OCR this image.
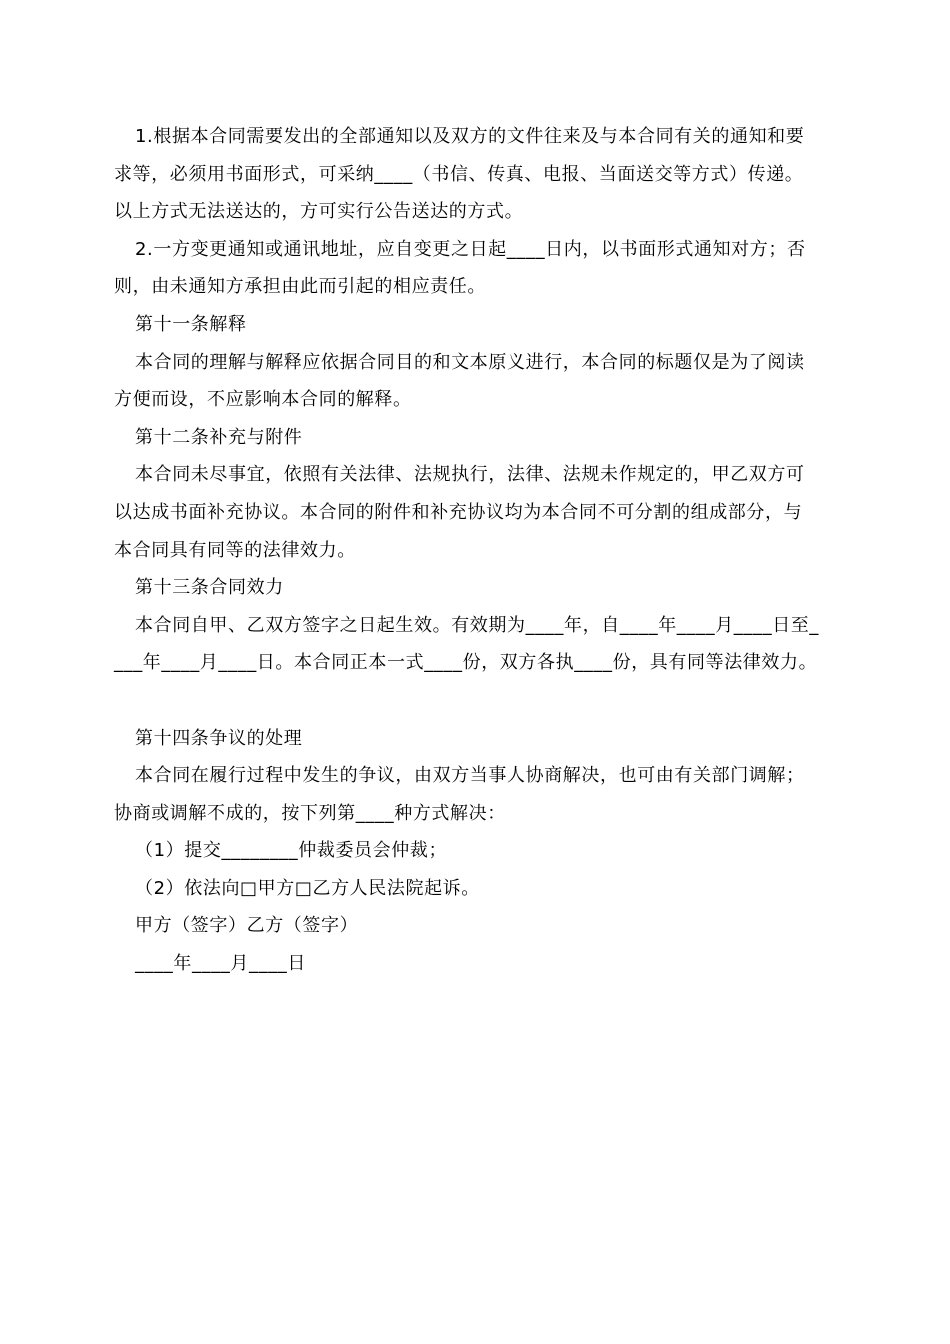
1.根据本合同需要发出的全部通知以及双方的文件往来及与本合同有关的通知和要
求等，必须用书面形式，可采纳____（书信、传真、电报、当面送交等方式）传递。
以上方式无法送达的，方可实行公告送达的方式。
2.一方变更通知或通讯地址，应自变更之日起____日内，以书面形式通知对方；否
则，由未通知方承担由此而引起的相应责任。
第十一条解释
本合同的理解与解释应依据合同目的和文本原义进行，本合同的标题仅是为了阅读
方便而设，不应影响本合同的解释。
第十二条补充与附件
本合同未尽事宜，依照有关法律、法规执行，法律、法规未作规定的，甲乙双方可
以达成书面补充协议。本合同的附件和补充协议均为本合同不可分割的组成部分，与
本合同具有同等的法律效力。
第十三条合同效力
本合同自甲、乙双方签字之日起生效。有效期为____年，自____年____月____日至_
___年____月____日。本合同正本一式____份，双方各执____份，具有同等法律效力。
第十四条争议的处理
本合同在履行过程中发生的争议，由双方当事人协商解决，也可由有关部门调解；
协商或调解不成的，按下列第____种方式解决：
（1）提交________仲裁委员会仲裁；
（2）依法向□甲方□乙方人民法院起诉。
甲方（签字）乙方（签字）
____年____月____日
